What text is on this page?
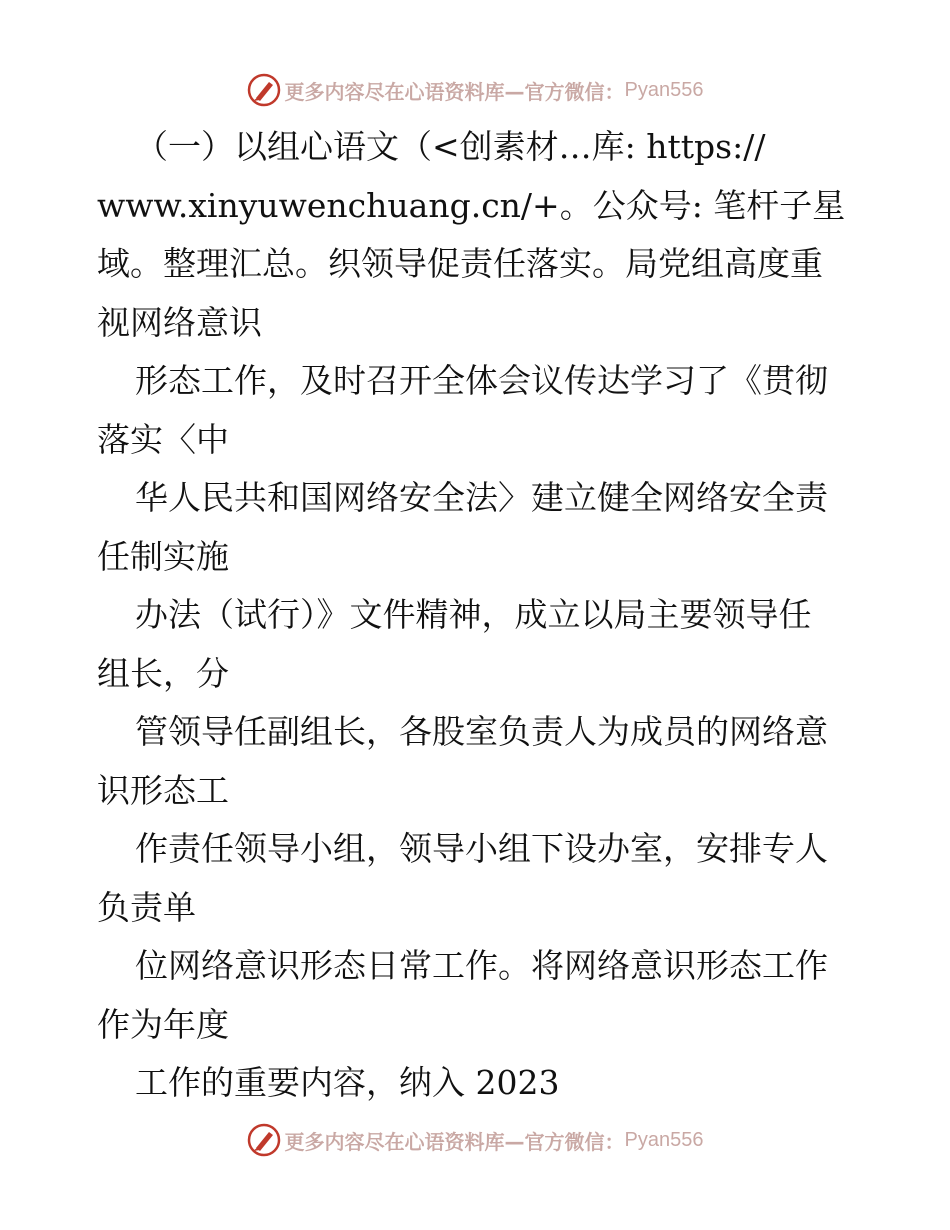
更多内容尽在心语资料库—官方微信： Pyan556
（一）以组心语文（<创素材…库: https://
www.xinyuwenchuang.cn/+。公众号: 笔杆子星
域。整理汇总。织领导促责任落实。局党组高度重
视网络意识
形态工作，及时召开全体会议传达学习了《贯彻
落实〈中
华人民共和国网络安全法〉建立健全网络安全责
任制实施
办法（试行）》文件精神，成立以局主要领导任
组长，分
管领导任副组长，各股室负责人为成员的网络意
识形态工
作责任领导小组，领导小组下设办室，安排专人
负责单
位网络意识形态日常工作。将网络意识形态工作
作为年度
工作的重要内容，纳入 2023
更多内容尽在心语资料库—官方微信： Pyan556
